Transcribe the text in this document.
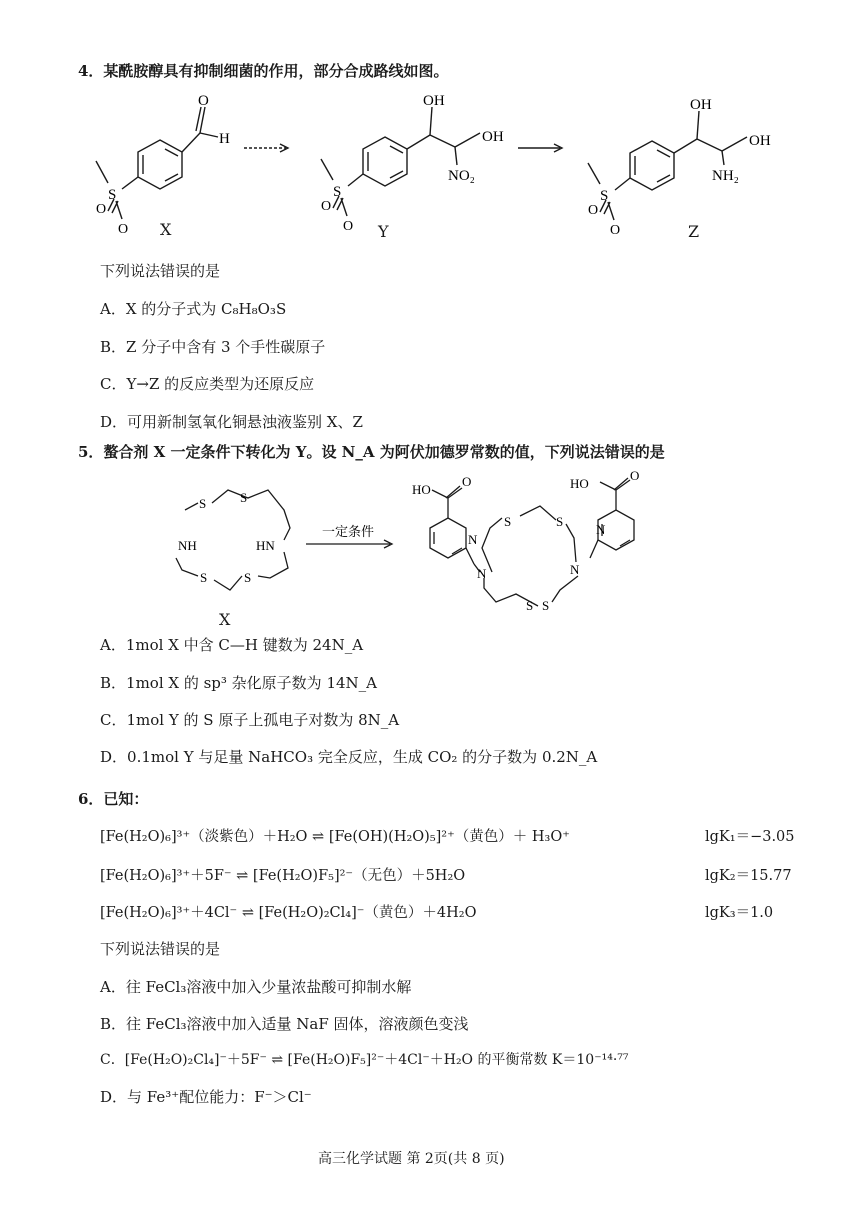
4．某酰胺醇具有抑制细菌的作用，部分合成路线如图。
O
H
S
O
O
OH
OH
NO₂
S
O
O
OH
OH
NH₂
S
O
O
X	Y	Z
下列说法错误的是
A．X 的分子式为 C₈H₈O₃S
B．Z 分子中含有 3 个手性碳原子
C．Y→Z 的反应类型为还原反应
D．可用新制氢氧化铜悬浊液鉴别 X、Z
5．螯合剂 X 一定条件下转化为 Y。设 N_A 为阿伏加德罗常数的值，下列说法错误的是
S	S
NH	HN
S	S
一定条件
HO
O
N
S	S
N	N
S S
HO
O
N
X
A．1mol X 中含 C—H 键数为 24N_A
B．1mol X 的 sp³ 杂化原子数为 14N_A
C．1mol Y 的 S 原子上孤电子对数为 8N_A
D．0.1mol Y 与足量 NaHCO₃ 完全反应，生成 CO₂ 的分子数为 0.2N_A
6．已知：
[Fe(H₂O)₆]³⁺（淡紫色）＋H₂O ⇌ [Fe(OH)(H₂O)₅]²⁺（黄色）＋ H₃O⁺	lgK₁＝−3.05
[Fe(H₂O)₆]³⁺＋5F⁻ ⇌ [Fe(H₂O)F₅]²⁻（无色）＋5H₂O	lgK₂＝15.77
[Fe(H₂O)₆]³⁺＋4Cl⁻ ⇌ [Fe(H₂O)₂Cl₄]⁻（黄色）＋4H₂O	lgK₃＝1.0
下列说法错误的是
A．往 FeCl₃溶液中加入少量浓盐酸可抑制水解
B．往 FeCl₃溶液中加入适量 NaF 固体，溶液颜色变浅
C．[Fe(H₂O)₂Cl₄]⁻＋5F⁻ ⇌ [Fe(H₂O)F₅]²⁻＋4Cl⁻＋H₂O 的平衡常数 K＝10⁻¹⁴·⁷⁷
D．与 Fe³⁺配位能力：F⁻＞Cl⁻
高三化学试题 第 2页(共 8 页)
